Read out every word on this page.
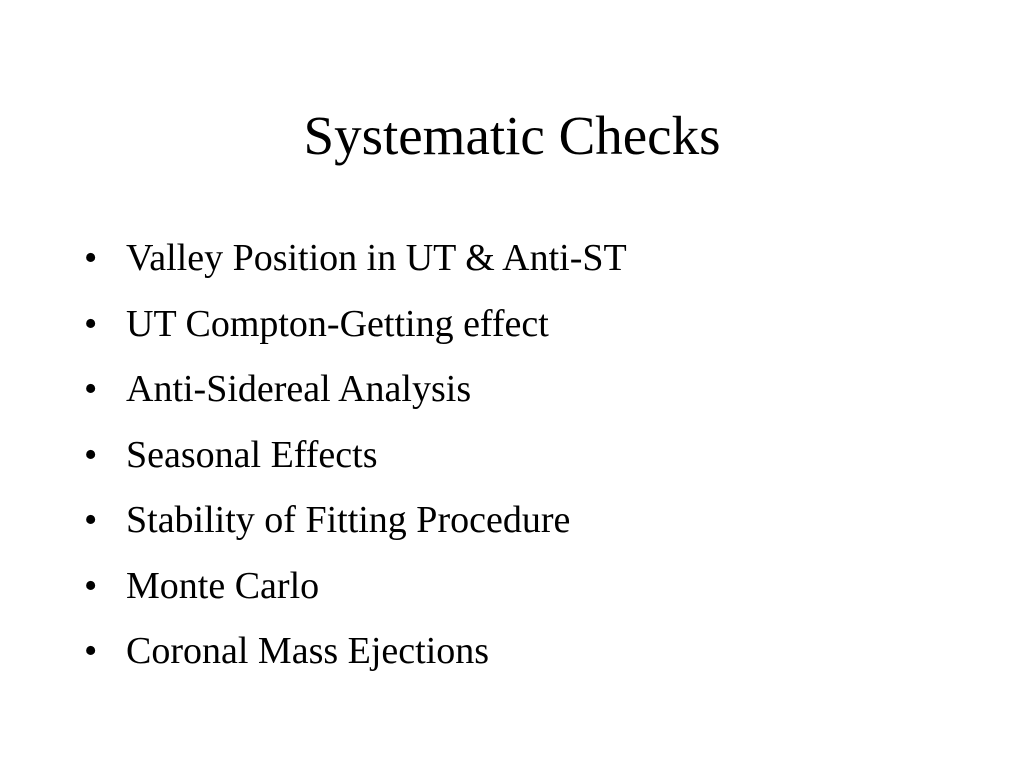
Systematic Checks
• Valley Position in UT & Anti-ST
• UT Compton-Getting effect
• Anti-Sidereal Analysis
• Seasonal Effects
• Stability of Fitting Procedure
• Monte Carlo
• Coronal Mass Ejections
